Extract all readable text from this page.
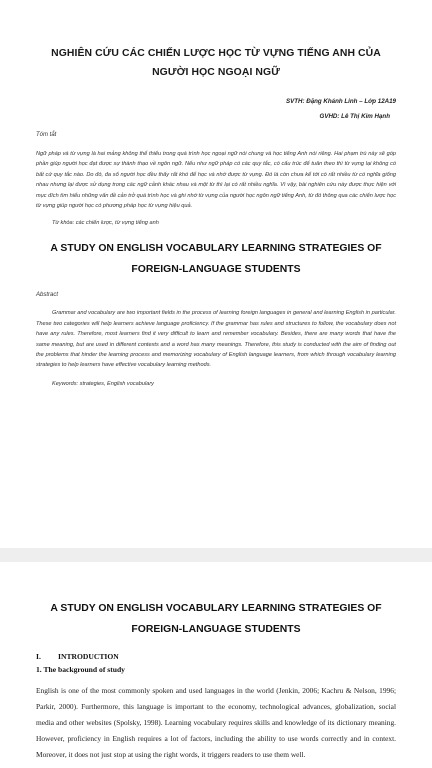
NGHIÊN CỨU CÁC CHIẾN LƯỢC HỌC TỪ VỰNG TIẾNG ANH CỦA
NGƯỜI HỌC NGOẠI NGỮ

SVTH: Đặng Khánh Linh – Lớp 12A19

GVHD: Lê Thị Kim Hạnh

Tóm tắt

Ngữ pháp và từ vựng là hai mảng không thể thiếu trong quá trình học ngoại ngữ nói chung và học tiếng Anh nói riêng. Hai phạm trù này sẽ góp phần giúp người học đạt được sự thành thạo về ngôn ngữ. Nếu như ngữ pháp có các quy tắc, có cấu trúc để tuân theo thì từ vựng lại không có bất cứ quy tắc nào. Do đó, đa số người học đều thấy rất khó để học và nhớ được từ vựng. Đó là còn chưa kể tới có rất nhiều từ có nghĩa giống nhau nhưng lại được sử dụng trong các ngữ cảnh khác nhau và một từ thì lại có rất nhiều nghĩa. Vì vậy, bài nghiên cứu này được thực hiện với mục đích tìm hiểu những vấn đề cản trở quá trình học và ghi nhớ từ vựng của người học ngôn ngữ tiếng Anh, từ đó thông qua các chiến lược học từ vựng giúp người học có phương pháp học từ vựng hiệu quả.

Từ khóa: các chiến lược, từ vựng tiếng anh

A STUDY ON ENGLISH VOCABULARY LEARNING STRATEGIES OF
FOREIGN-LANGUAGE STUDENTS

Abstract

Grammar and vocabulary are two important fields in the process of learning foreign languages in general and learning English in particular. These two categories will help learners achieve language proficiency. If the grammar has rules and structures to follow, the vocabulary does not have any rules. Therefore, most learners find it very difficult to learn and remember vocabulary. Besides, there are many words that have the same meaning, but are used in different contexts and a word has many meanings. Therefore, this study is conducted with the aim of finding out the problems that hinder the learning process and memorizing vocabulary of English language learners, from which through vocabulary learning strategies to help learners have effective vocabulary learning methods.

Keywords: strategies, English vocabulary

A STUDY ON ENGLISH VOCABULARY LEARNING STRATEGIES OF
FOREIGN-LANGUAGE STUDENTS

I.	INTRODUCTION

1. The background of study

English is one of the most commonly spoken and used languages in the world (Jenkin, 2006; Kachru & Nelson, 1996; Parkir, 2000). Furthermore, this language is important to the economy, technological advances, globalization, social media and other websites (Spolsky, 1998). Learning vocabulary requires skills and knowledge of its dictionary meaning. However, proficiency in English requires a lot of factors, including the ability to use words correctly and in context. Moreover, it does not just stop at using the right words, it triggers readers to use them well.
